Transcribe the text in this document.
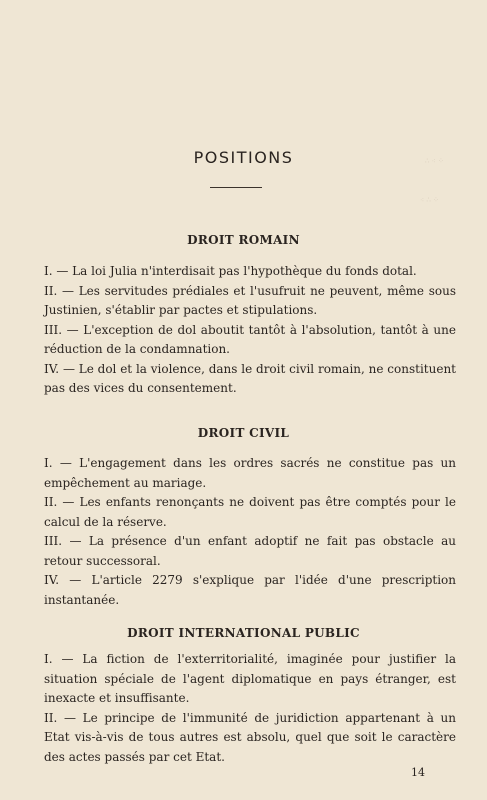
∴ ⁖ ⁘
⁖ ∴ ⁘
POSITIONS
DROIT ROMAIN

I. — La loi Julia n'interdisait pas l'hypothèque du fonds dotal.

II. — Les servitudes prédiales et l'usufruit ne peuvent, même sous Justinien, s'établir par pactes et stipulations.

III. — L'exception de dol aboutit tantôt à l'absolution, tantôt à une réduction de la condamnation.

IV. — Le dol et la violence, dans le droit civil romain, ne constituent pas des vices du consentement.

DROIT CIVIL

I. — L'engagement dans les ordres sacrés ne constitue pas un empêchement au mariage.

II. — Les enfants renonçants ne doivent pas être comptés pour le calcul de la réserve.

III. — La présence d'un enfant adoptif ne fait pas obstacle au retour successoral.

IV. — L'article 2279 s'explique par l'idée d'une prescription instantanée.

DROIT INTERNATIONAL PUBLIC

I. — La fiction de l'exterritorialité, imaginée pour justifier la situation spéciale de l'agent diplomatique en pays étranger, est inexacte et insuffisante.

II. — Le principe de l'immunité de juridiction appartenant à un Etat vis-à-vis de tous autres est absolu, quel que soit le caractère des actes passés par cet Etat.

14
